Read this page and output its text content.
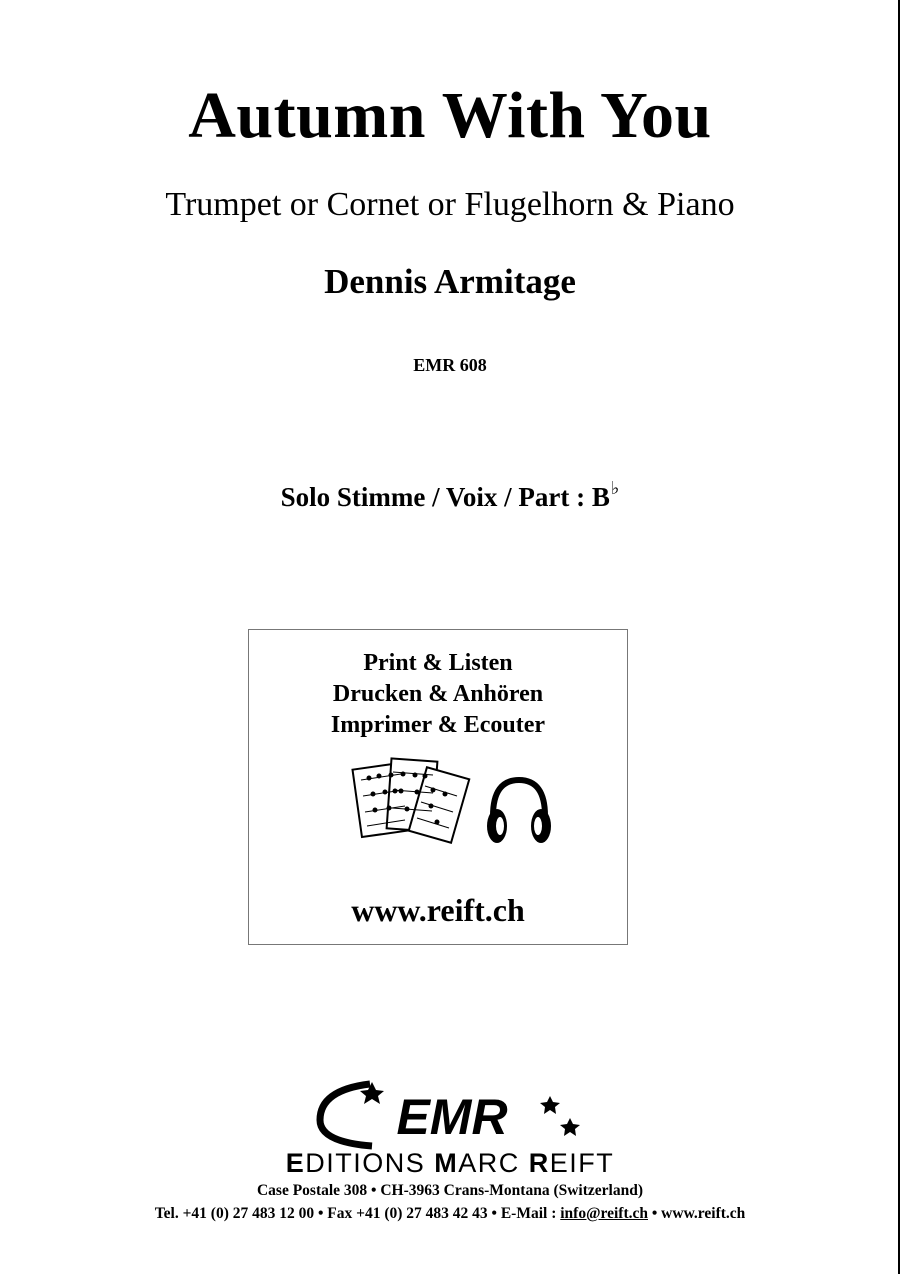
Autumn With You
Trumpet or Cornet or Flugelhorn & Piano
Dennis Armitage
EMR 608
Solo Stimme / Voix / Part : B♭
Print & Listen
Drucken & Anhören
Imprimer & Ecouter
www.reift.ch
EMR
EDITIONS MARC REIFT
Case Postale 308 • CH-3963 Crans-Montana (Switzerland)
Tel. +41 (0) 27 483 12 00 • Fax +41 (0) 27 483 42 43 • E-Mail : info@reift.ch • www.reift.ch
